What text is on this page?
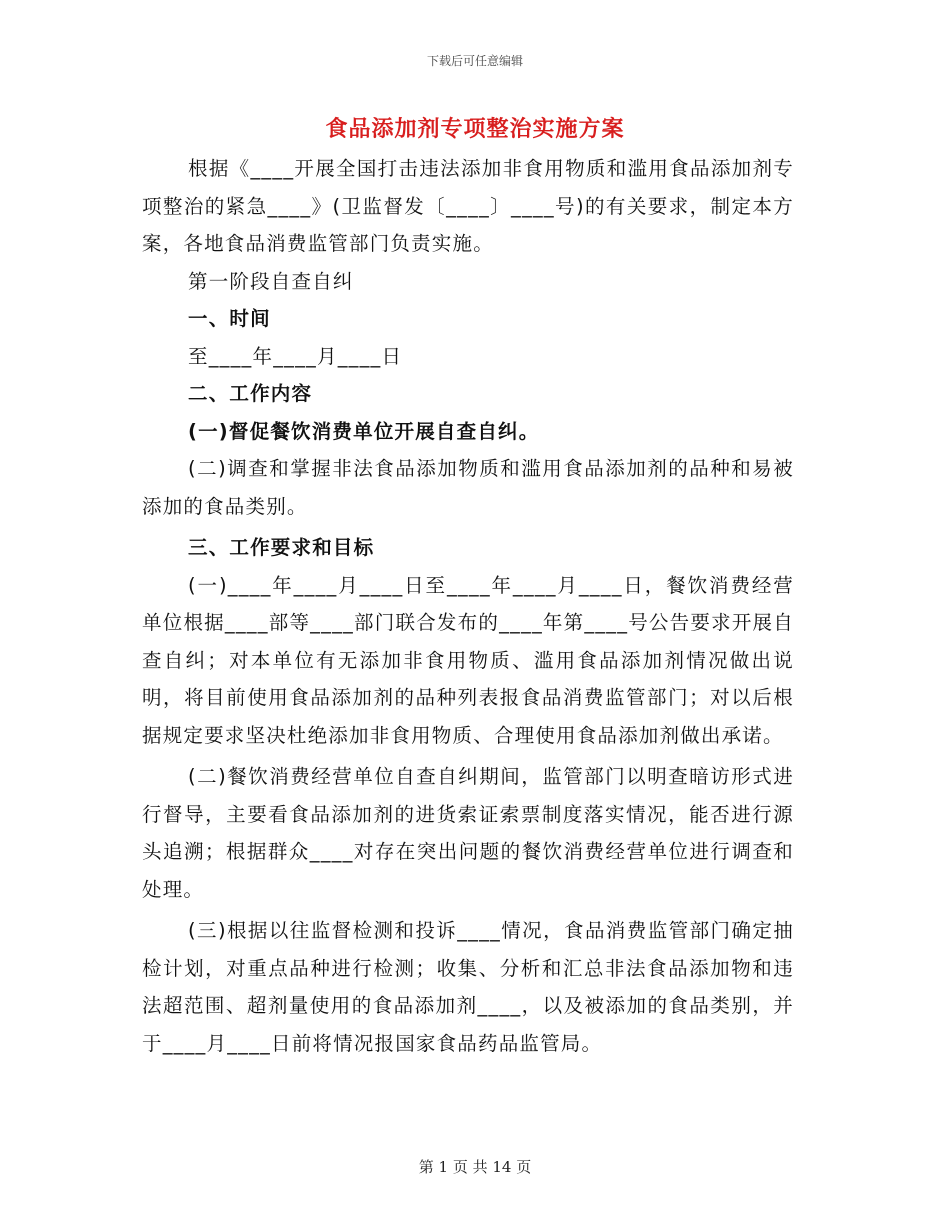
下载后可任意编辑
食品添加剂专项整治实施方案

根据《____开展全国打击违法添加非食用物质和滥用食品添加剂专项整治的紧急____》(卫监督发〔____〕____号)的有关要求，制定本方案，各地食品消费监管部门负责实施。

第一阶段自查自纠

一、时间

至____年____月____日

二、工作内容

(一)督促餐饮消费单位开展自查自纠。

(二)调查和掌握非法食品添加物质和滥用食品添加剂的品种和易被添加的食品类别。

三、工作要求和目标

(一)____年____月____日至____年____月____日，餐饮消费经营单位根据____部等____部门联合发布的____年第____号公告要求开展自查自纠；对本单位有无添加非食用物质、滥用食品添加剂情况做出说明，将目前使用食品添加剂的品种列表报食品消费监管部门；对以后根据规定要求坚决杜绝添加非食用物质、合理使用食品添加剂做出承诺。

(二)餐饮消费经营单位自查自纠期间，监管部门以明查暗访形式进行督导，主要看食品添加剂的进货索证索票制度落实情况，能否进行源头追溯；根据群众____对存在突出问题的餐饮消费经营单位进行调查和处理。

(三)根据以往监督检测和投诉____情况，食品消费监管部门确定抽检计划，对重点品种进行检测；收集、分析和汇总非法食品添加物和违法超范围、超剂量使用的食品添加剂____，以及被添加的食品类别，并于____月____日前将情况报国家食品药品监管局。

第 1 页 共 14 页
